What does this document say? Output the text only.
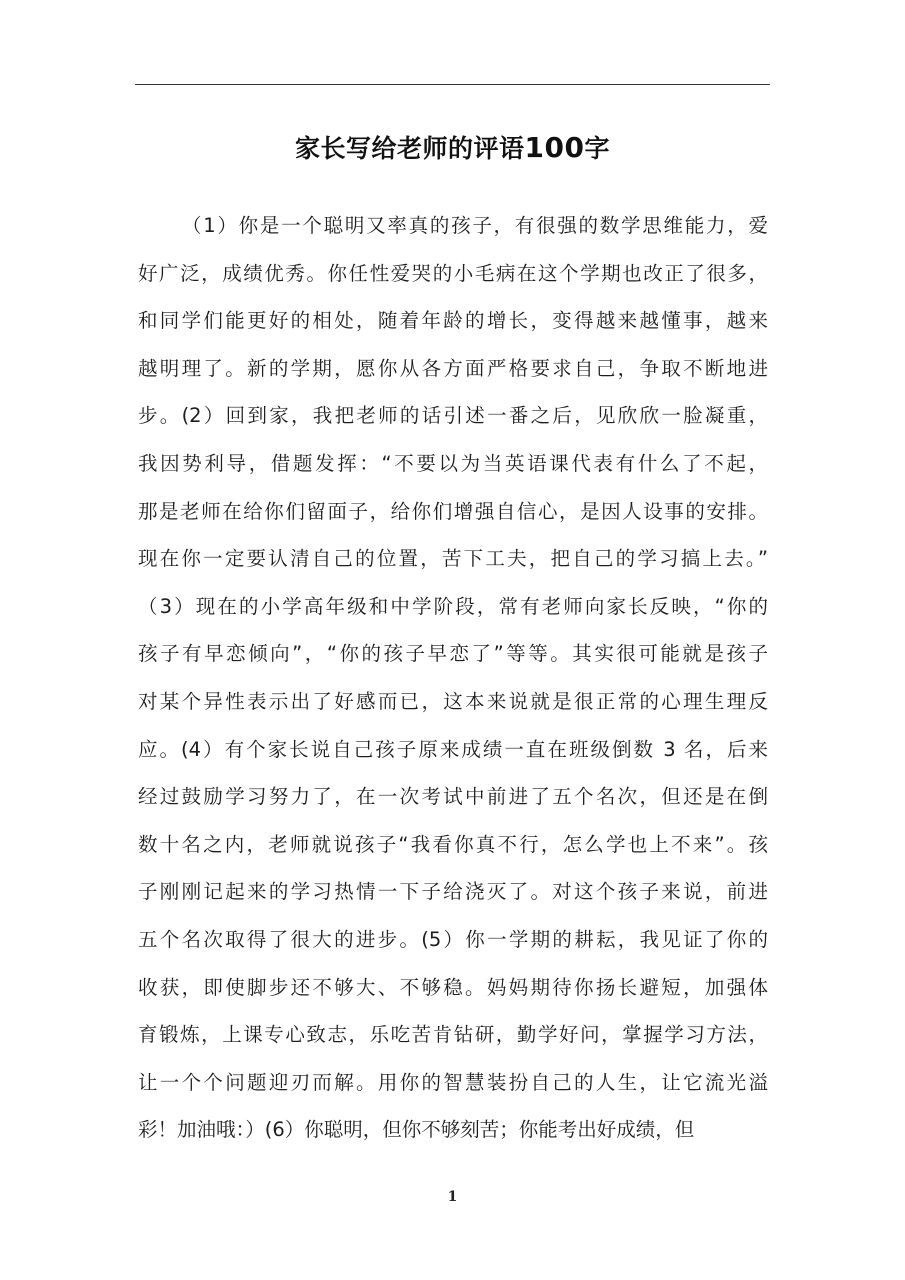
家长写给老师的评语100字
（1）你是一个聪明又率真的孩子，有很强的数学思维能力，爱
好广泛，成绩优秀。你任性爱哭的小毛病在这个学期也改正了很多，
和同学们能更好的相处，随着年龄的增长，变得越来越懂事，越来
越明理了。新的学期，愿你从各方面严格要求自己，争取不断地进
步。(2）回到家，我把老师的话引述一番之后，见欣欣一脸凝重，
我因势利导，借题发挥：“不要以为当英语课代表有什么了不起，
那是老师在给你们留面子，给你们增强自信心，是因人设事的安排。
现在你一定要认清自己的位置，苦下工夫，把自己的学习搞上去。”
（3）现在的小学高年级和中学阶段，常有老师向家长反映，“你的
孩子有早恋倾向”，“你的孩子早恋了”等等。其实很可能就是孩子
对某个异性表示出了好感而已，这本来说就是很正常的心理生理反
应。(4）有个家长说自己孩子原来成绩一直在班级倒数 3 名，后来
经过鼓励学习努力了，在一次考试中前进了五个名次，但还是在倒
数十名之内，老师就说孩子“我看你真不行，怎么学也上不来”。孩
子刚刚记起来的学习热情一下子给浇灭了。对这个孩子来说，前进
五个名次取得了很大的进步。(5）你一学期的耕耘，我见证了你的
收获，即使脚步还不够大、不够稳。妈妈期待你扬长避短，加强体
育锻炼，上课专心致志，乐吃苦肯钻研，勤学好问，掌握学习方法，
让一个个问题迎刃而解。用你的智慧装扮自己的人生，让它流光溢
彩！加油哦：）(6）你聪明，但你不够刻苦；你能考出好成绩，但
1
